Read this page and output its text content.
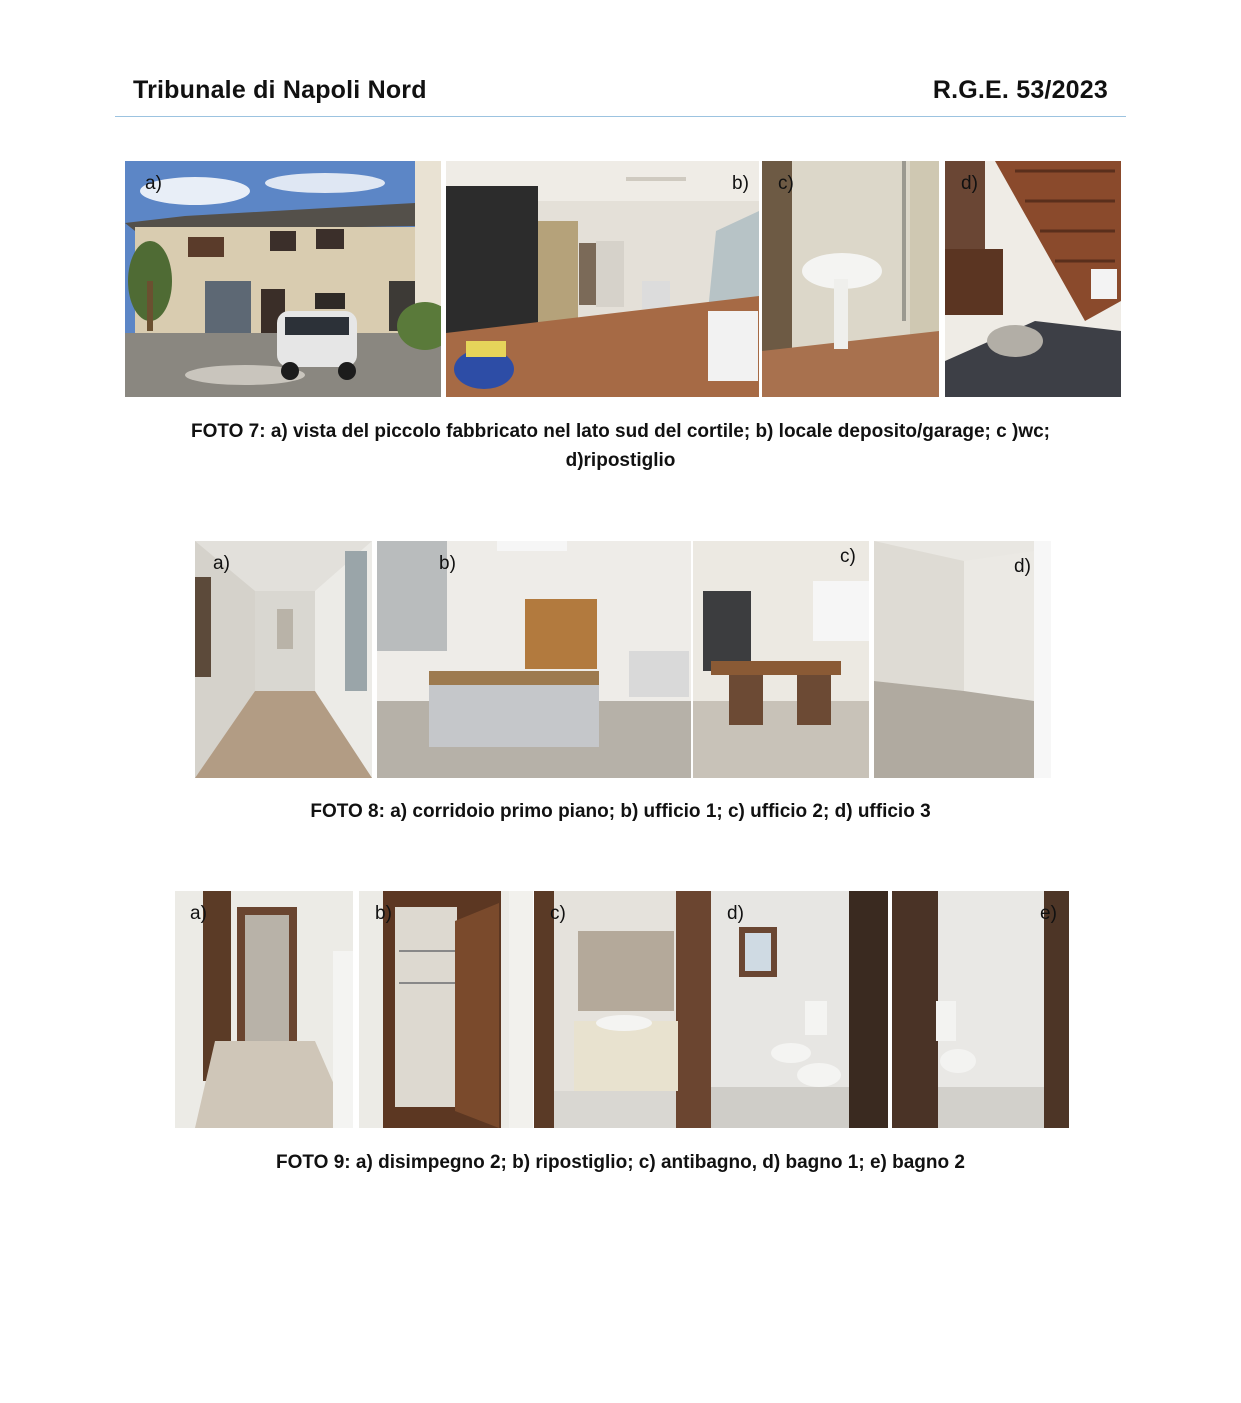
Tribunale di Napoli Nord	R.G.E. 53/2023
a)	b) c)	d)
FOTO 7: a) vista del piccolo fabbricato nel lato sud del cortile; b) locale deposito/garage; c )wc;
d)ripostiglio
a)	b)	c)	d)
FOTO 8: a) corridoio primo piano; b) ufficio 1; c) ufficio 2; d) ufficio 3
a)	b)	c)	d)	e)
FOTO 9: a) disimpegno 2; b) ripostiglio; c) antibagno, d) bagno 1; e) bagno 2
